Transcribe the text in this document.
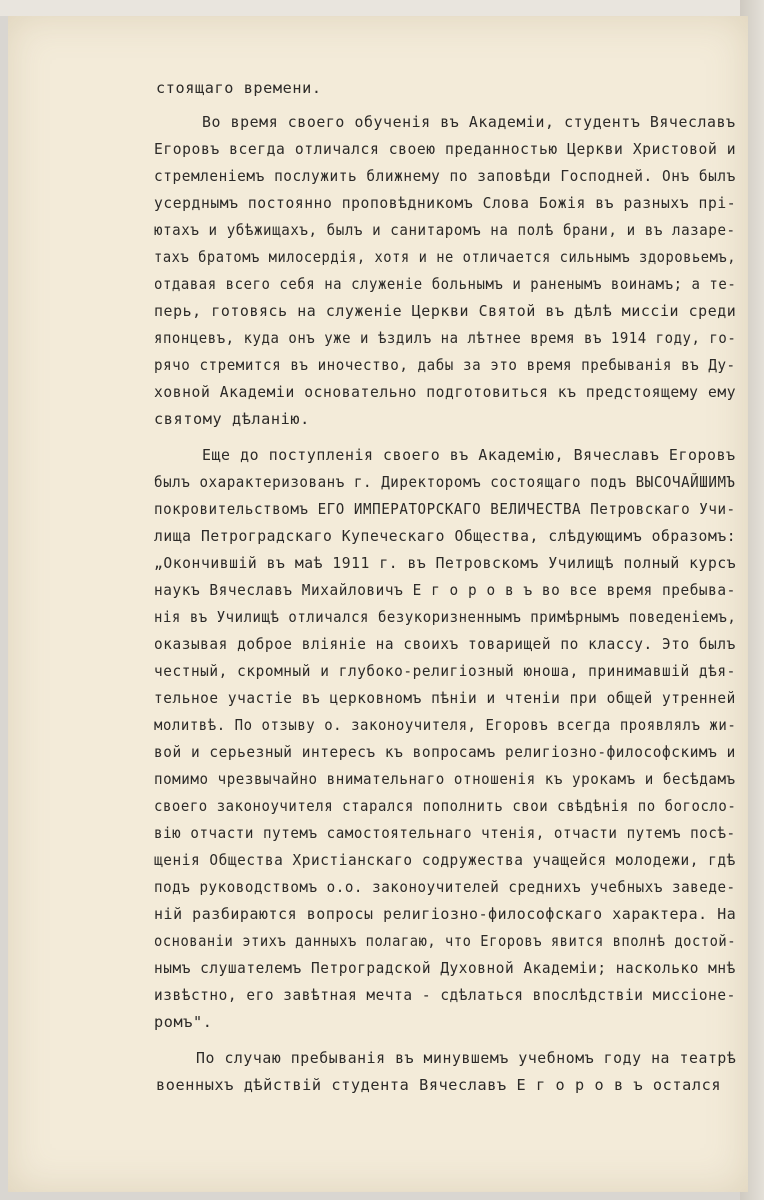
стоящаго времени.
Во время своего обученія въ Академіи, студентъ Вячеславъ
Егоровъ всегда отличался своею преданностью Церкви Христовой и
стремленіемъ послужить ближнему по заповѣди Господней. Онъ былъ
усерднымъ постоянно проповѣдникомъ Слова Божія въ разныхъ прі-
ютахъ и убѣжищахъ, былъ и санитаромъ на полѣ брани, и въ лазаре-
тахъ братомъ милосердія, хотя и не отличается сильнымъ здоровьемъ,
отдавая всего себя на служеніе больнымъ и раненымъ воинамъ; а те-
перь, готовясь на служеніе Церкви Святой въ дѣлѣ миссіи среди
японцевъ, куда онъ уже и ѣздилъ на лѣтнее время въ 1914 году, го-
рячо стремится въ иночество, дабы за это время пребыванія въ Ду-
ховной Академіи основательно подготовиться къ предстоящему ему
святому дѣланію.
Еще до поступленія своего въ Академію, Вячеславъ Егоровъ
былъ охарактеризованъ г. Директоромъ состоящаго подъ ВЫСОЧАЙШИМЪ
покровительствомъ ЕГО ИМПЕРАТОРСКАГО ВЕЛИЧЕСТВА Петровскаго Учи-
лища Петроградскаго Купеческаго Общества, слѣдующимъ образомъ:
„Окончившій въ маѣ 1911 г. въ Петровскомъ Училищѣ полный курсъ
наукъ Вячеславъ Михайловичъ Е г о р о в ъ во все время пребыва-
нія въ Училищѣ отличался безукоризненнымъ примѣрнымъ поведеніемъ,
оказывая доброе вліяніе на своихъ товарищей по классу. Это былъ
честный, скромный и глубоко-религіозный юноша, принимавшій дѣя-
тельное участіе въ церковномъ пѣніи и чтеніи при общей утренней
молитвѣ. По отзыву о. законоучителя, Егоровъ всегда проявлялъ жи-
вой и серьезный интересъ къ вопросамъ религіозно-философскимъ и
помимо чрезвычайно внимательнаго отношенія къ урокамъ и бесѣдамъ
своего законоучителя старался пополнить свои свѣдѣнія по богосло-
вію отчасти путемъ самостоятельнаго чтенія, отчасти путемъ посѣ-
щенія Общества Христіанскаго содружества учащейся молодежи, гдѣ
подъ руководствомъ о.о. законоучителей среднихъ учебныхъ заведе-
ній разбираются вопросы религіозно-философскаго характера. На
основаніи этихъ данныхъ полагаю, что Егоровъ явится вполнѣ достой-
нымъ слушателемъ Петроградской Духовной Академіи; насколько мнѣ
извѣстно, его завѣтная мечта - сдѣлаться впослѣдствіи миссіоне-
ромъ".
По случаю пребыванія въ минувшемъ учебномъ году на театрѣ
военныхъ дѣйствій студента Вячеславъ Е г о р о в ъ остался
